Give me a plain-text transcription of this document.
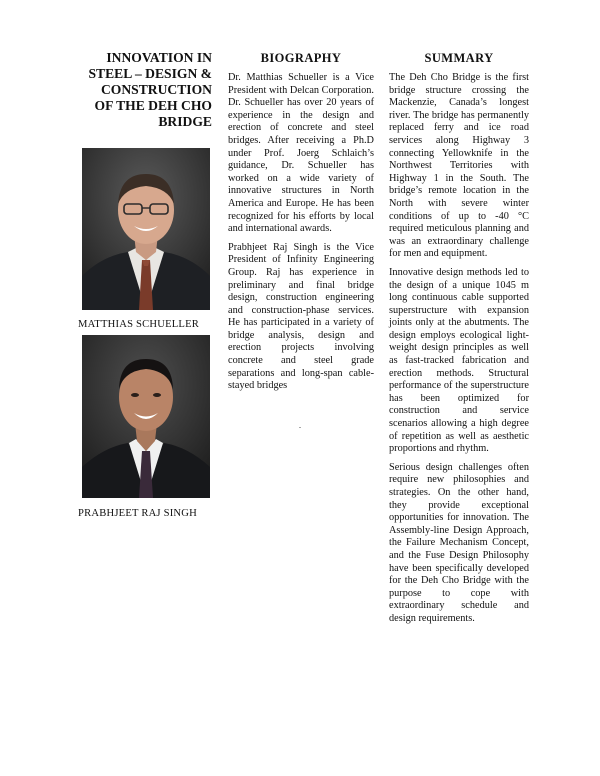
INNOVATION IN
STEEL – DESIGN &
CONSTRUCTION
OF THE DEH CHO
BRIDGE
MATTHIAS SCHUELLER
PRABHJEET RAJ SINGH
BIOGRAPHY

Dr. Matthias Schueller is a Vice President with Delcan Corporation. Dr. Schueller has over 20 years of experience in the design and erection of concrete and steel bridges. After receiving a Ph.D under Prof. Joerg Schlaich’s guidance, Dr. Schueller has worked on a wide variety of innovative structures in North America and Europe. He has been recognized for his efforts by local and international awards.

Prabhjeet Raj Singh is the Vice President of Infinity Engineering Group. Raj has experience in preliminary and final bridge design, construction engineering and construction-phase services. He has participated in a variety of bridge analysis, design and erection projects involving concrete and steel grade separations and long-span cable-stayed bridges

.
SUMMARY

The Deh Cho Bridge is the first bridge structure crossing the Mackenzie, Canada’s longest river. The bridge has permanently replaced ferry and ice road services along Highway 3 connecting Yellowknife in the Northwest Territories with Highway 1 in the South. The bridge’s remote location in the North with severe winter conditions of up to -40 °C required meticulous planning and was an extraordinary challenge for men and equipment.

Innovative design methods led to the design of a unique 1045 m long continuous cable supported superstructure with expansion joints only at the abutments. The design employs ecological light-weight design principles as well as fast-tracked fabrication and erection methods. Structural performance of the superstructure has been optimized for construction and service scenarios allowing a high degree of repetition as well as aesthetic proportions and rhythm.

Serious design challenges often require new philosophies and strategies. On the other hand, they provide exceptional opportunities for innovation. The Assembly-line Design Approach, the Failure Mechanism Concept, and the Fuse Design Philosophy have been specifically developed for the Deh Cho Bridge with the purpose to cope with extraordinary schedule and design requirements.
